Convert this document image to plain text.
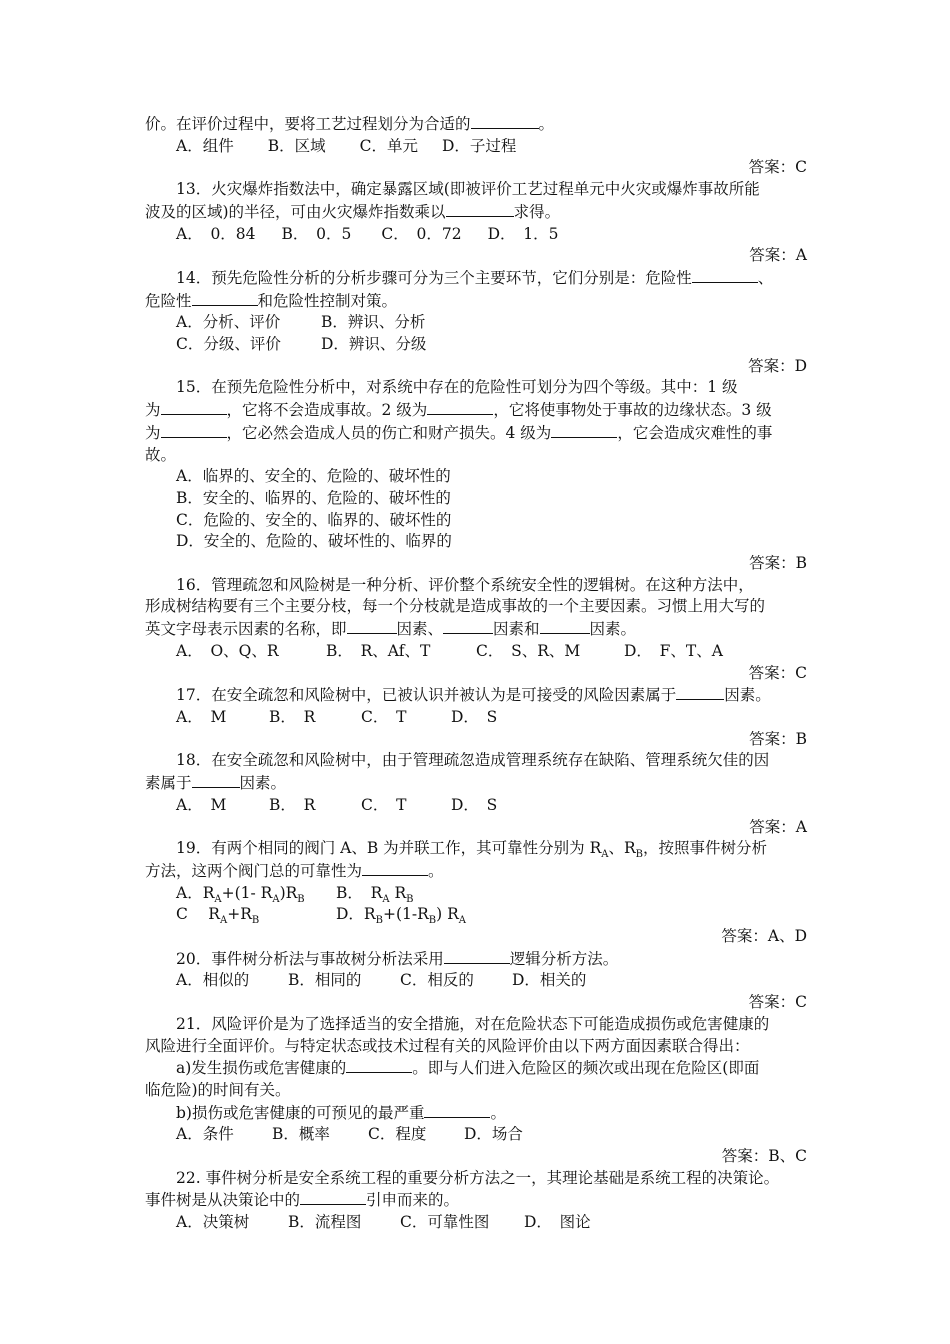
价。在评价过程中，要将工艺过程划分为合适的	。
A．组件 B．区域 C．单元 D．子过程
答案：C
13．火灾爆炸指数法中，确定暴露区域(即被评价工艺过程单元中火灾或爆炸事故所能
波及的区域)的半径，可由火灾爆炸指数乘以	求得。
A．　0．84 B．　0．5 C．　0．72 D．　1．5
答案：A
14．预先危险性分析的分析步骤可分为三个主要环节，它们分别是：危险性	、
危险性	和危险性控制对策。
A．分析、评价	B．辨识、分析
C．分级、评价	D．辨识、分级
答案：D
15．在预先危险性分析中，对系统中存在的危险性可划分为四个等级。其中：1 级
为	，它将不会造成事故。2 级为	，它将使事物处于事故的边缘状态。3 级
为	，它必然会造成人员的伤亡和财产损失。4 级为	，它会造成灾难性的事
故。
A．临界的、安全的、危险的、破坏性的
B．安全的、临界的、危险的、破坏性的
C．危险的、安全的、临界的、破坏性的
D．安全的、危险的、破坏性的、临界的
答案：B
16．管理疏忽和风险树是一种分析、评价整个系统安全性的逻辑树。在这种方法中，
形成树结构要有三个主要分枝，每一个分枝就是造成事故的一个主要因素。习惯上用大写的
英文字母表示因素的名称，即	因素、	因素和	因素。
A．　O、Q、R	B．　R、Af、T	C．　S、R、M	D．　F、T、A
答案：C
17．在安全疏忽和风险树中，已被认识并被认为是可接受的风险因素属于	因素。
A．　M	B．　R	C．　T	D．　S
答案：B
18．在安全疏忽和风险树中，由于管理疏忽造成管理系统存在缺陷、管理系统欠佳的因
素属于	因素。
A．　M	B．　R	C．　T	D．　S
答案：A
19．有两个相同的阀门 A、B 为并联工作，其可靠性分别为 $R_A$、$R_B$，按照事件树分析
方法，这两个阀门总的可靠性为	。
A．$R_A+(1-$ $R_A)R_B$ B．　$R_A$ $R_B$
C　 $R_A+R_B$	D．$R_B+(1-R_B)$ $R_A$
答案：A、D
20．事件树分析法与事故树分析法采用	逻辑分析方法。
A．相似的	B．相同的 C．相反的 D．相关的
答案：C
21．风险评价是为了选择适当的安全措施，对在危险状态下可能造成损伤或危害健康的
风险进行全面评价。与特定状态或技术过程有关的风险评价由以下两方面因素联合得出：
a)发生损伤或危害健康的	。即与人们进入危险区的频次或出现在危险区(即面
临危险)的时间有关。
b)损伤或危害健康的可预见的最严重	。
A．条件 B．概率 C．程度 D．场合
答案：B、C
22. 事件树分析是安全系统工程的重要分析方法之一，其理论基础是系统工程的决策论。
事件树是从决策论中的	引申而来的。
A．决策树	B．流程图 C．可靠性图 D．　图论
